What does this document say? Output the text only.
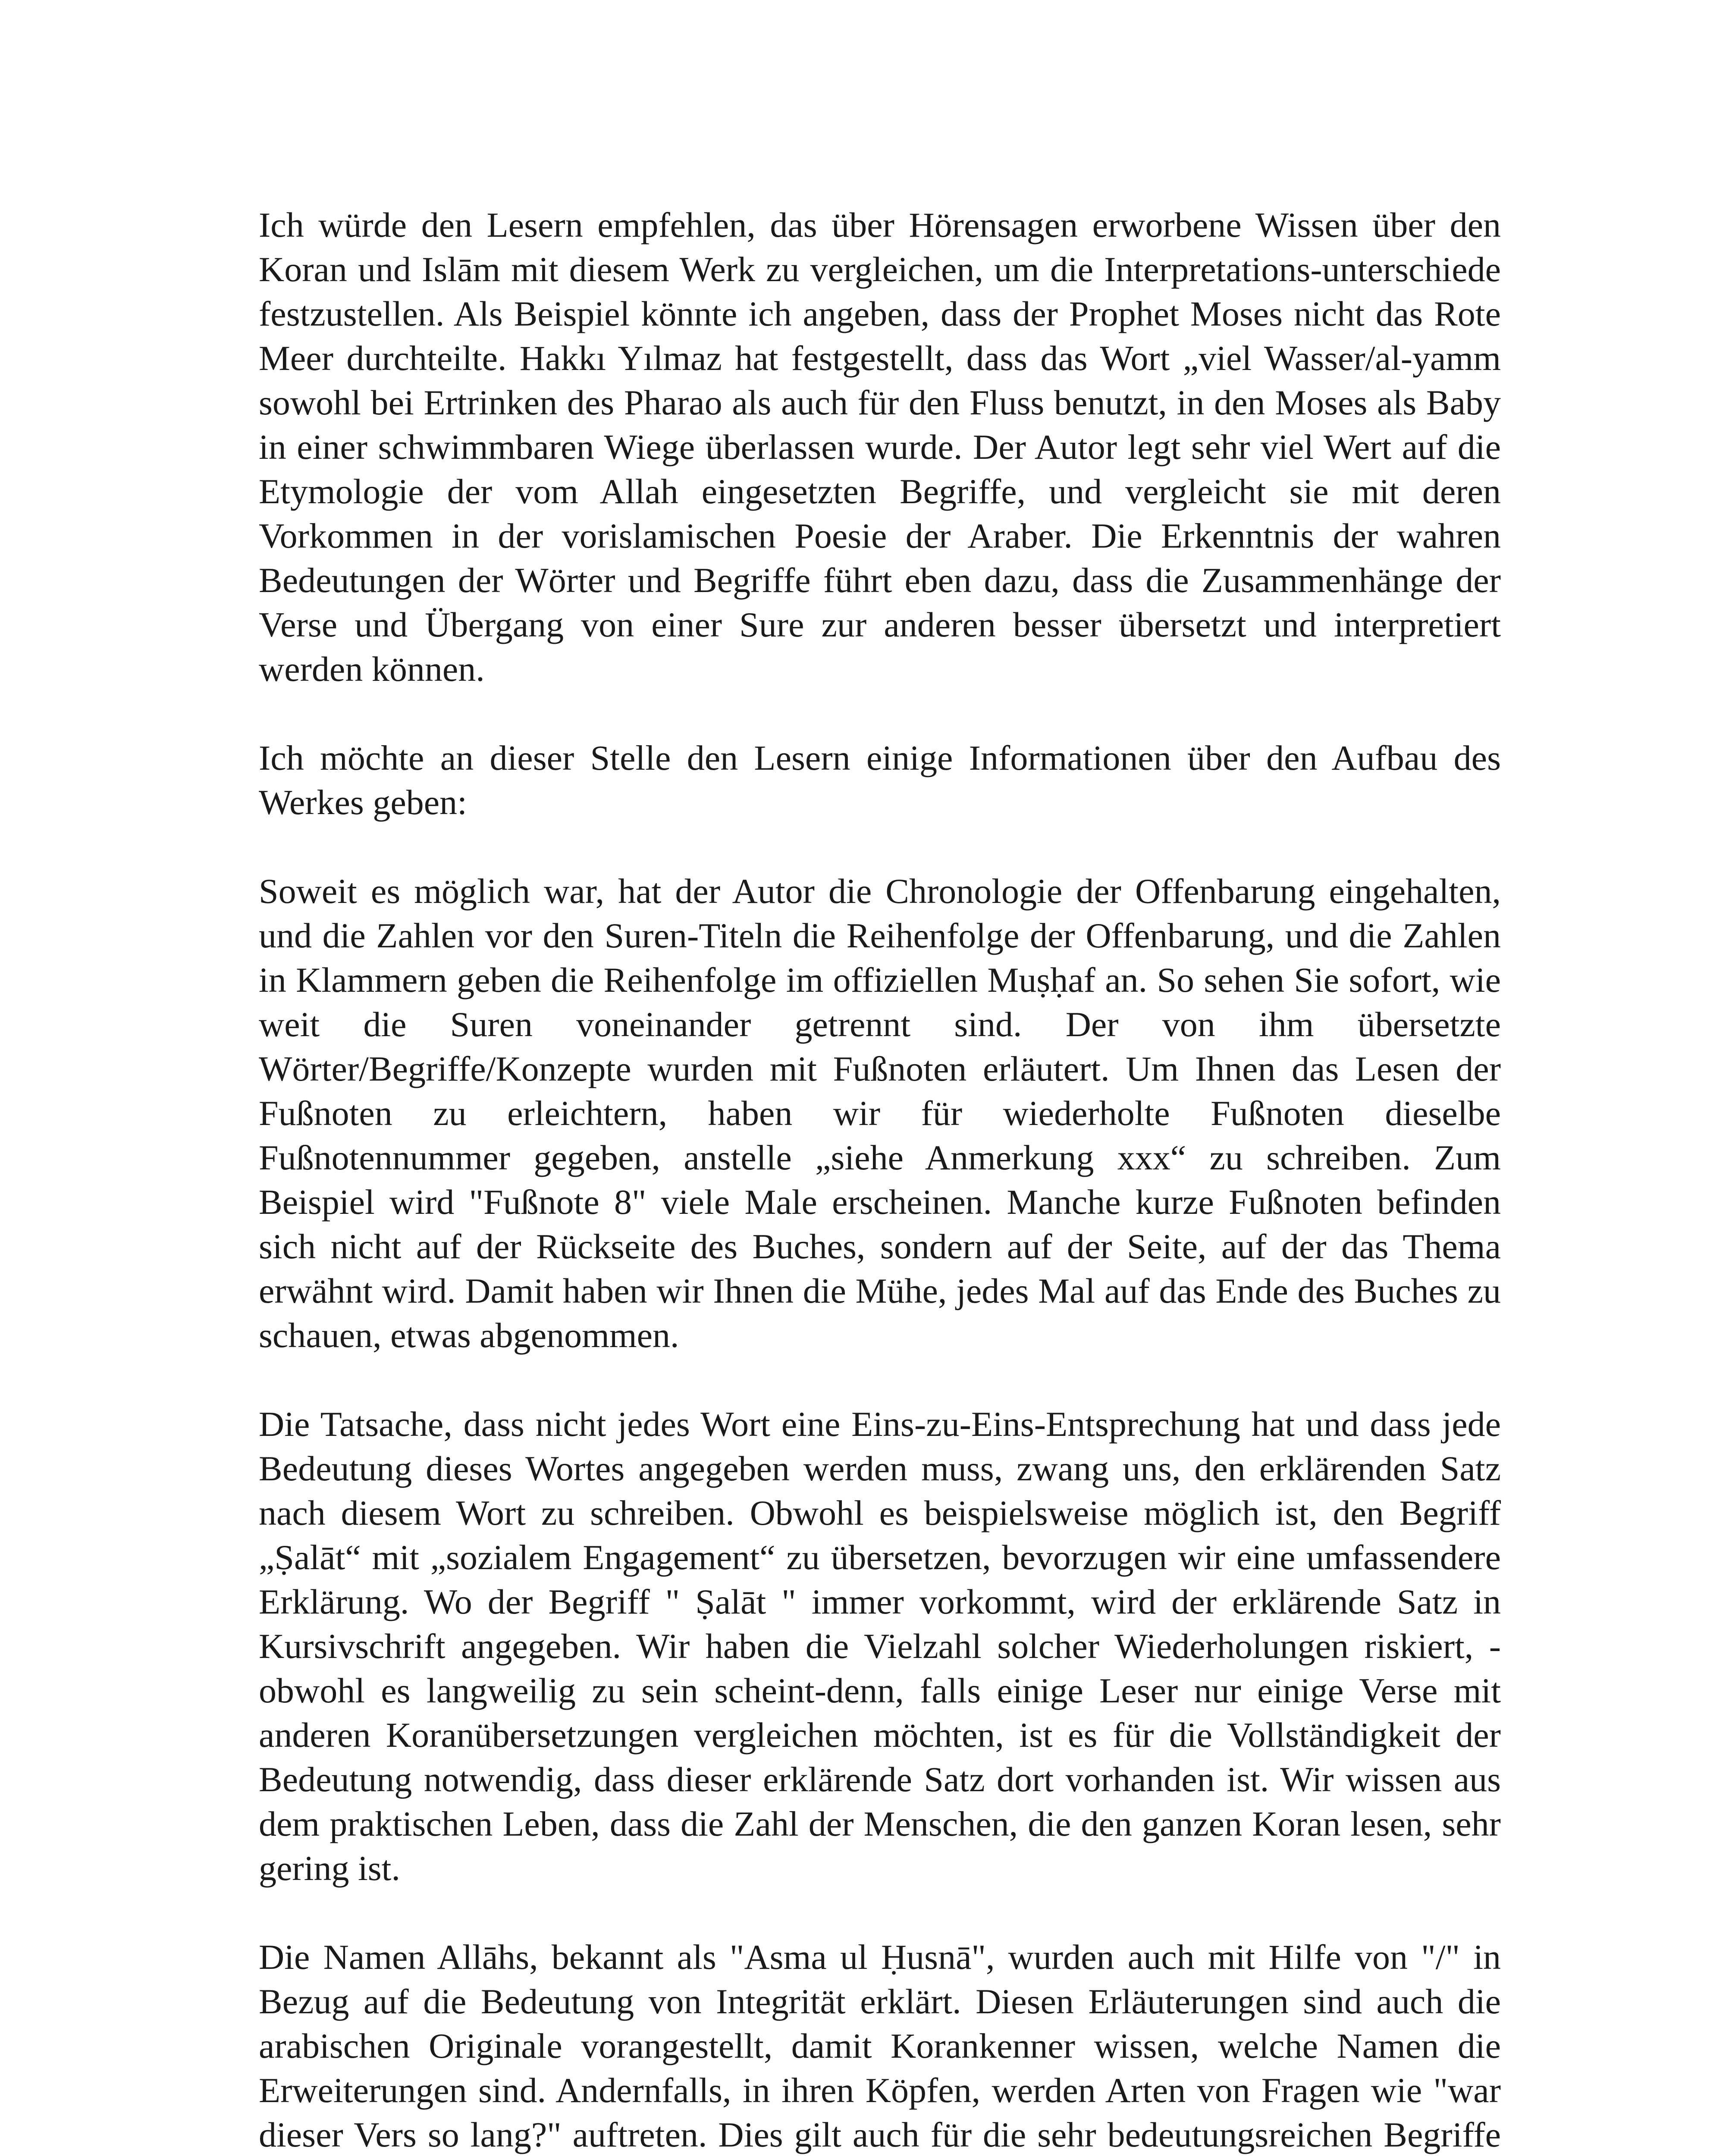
Ich würde den Lesern empfehlen, das über Hörensagen erworbene Wissen über den Koran und Islām mit diesem Werk zu vergleichen, um die Interpretations-unterschiede festzustellen. Als Beispiel könnte ich angeben, dass der Prophet Moses nicht das Rote Meer durchteilte. Hakkı Yılmaz hat festgestellt, dass das Wort „viel Wasser/al-yamm sowohl bei Ertrinken des Pharao als auch für den Fluss benutzt, in den Moses als Baby in einer schwimmbaren Wiege überlassen wurde. Der Autor legt sehr viel Wert auf die Etymologie der vom Allah eingesetzten Begriffe, und vergleicht sie mit deren Vorkommen in der vorislamischen Poesie der Araber. Die Erkenntnis der wahren Bedeutungen der Wörter und Begriffe führt eben dazu, dass die Zusammenhänge der Verse und Übergang von einer Sure zur anderen besser übersetzt und interpretiert werden können.

Ich möchte an dieser Stelle den Lesern einige Informationen über den Aufbau des Werkes geben:

Soweit es möglich war, hat der Autor die Chronologie der Offenbarung eingehalten, und die Zahlen vor den Suren-Titeln die Reihenfolge der Offenbarung, und die Zahlen in Klammern geben die Reihenfolge im offiziellen Muṣḥaf an. So sehen Sie sofort, wie weit die Suren voneinander getrennt sind. Der von ihm übersetzte Wörter/Begriffe/Konzepte wurden mit Fußnoten erläutert. Um Ihnen das Lesen der Fußnoten zu erleichtern, haben wir für wiederholte Fußnoten dieselbe Fußnotennummer gegeben, anstelle „siehe Anmerkung xxx“ zu schreiben. Zum Beispiel wird "Fußnote 8" viele Male erscheinen. Manche kurze Fußnoten befinden sich nicht auf der Rückseite des Buches, sondern auf der Seite, auf der das Thema erwähnt wird. Damit haben wir Ihnen die Mühe, jedes Mal auf das Ende des Buches zu schauen, etwas abgenommen.

Die Tatsache, dass nicht jedes Wort eine Eins-zu-Eins-Entsprechung hat und dass jede Bedeutung dieses Wortes angegeben werden muss, zwang uns, den erklärenden Satz nach diesem Wort zu schreiben. Obwohl es beispielsweise möglich ist, den Begriff „Ṣalāt“ mit „sozialem Engagement“ zu übersetzen, bevorzugen wir eine umfassendere Erklärung. Wo der Begriff " Ṣalāt " immer vorkommt, wird der erklärende Satz in Kursivschrift angegeben. Wir haben die Vielzahl solcher Wiederholungen riskiert, -obwohl es langweilig zu sein scheint-denn, falls einige Leser nur einige Verse mit anderen Koranübersetzungen vergleichen möchten, ist es für die Vollständigkeit der Bedeutung notwendig, dass dieser erklärende Satz dort vorhanden ist. Wir wissen aus dem praktischen Leben, dass die Zahl der Menschen, die den ganzen Koran lesen, sehr gering ist.

Die Namen Allāhs, bekannt als "Asma ul Ḥusnā", wurden auch mit Hilfe von "/" in Bezug auf die Bedeutung von Integrität erklärt. Diesen Erläuterungen sind auch die arabischen Originale vorangestellt, damit Korankenner wissen, welche Namen die Erweiterungen sind. Andernfalls, in ihren Köpfen, werden Arten von Fragen wie "war dieser Vers so lang?" auftreten. Dies gilt auch für die sehr bedeutungsreichen Begriffe
